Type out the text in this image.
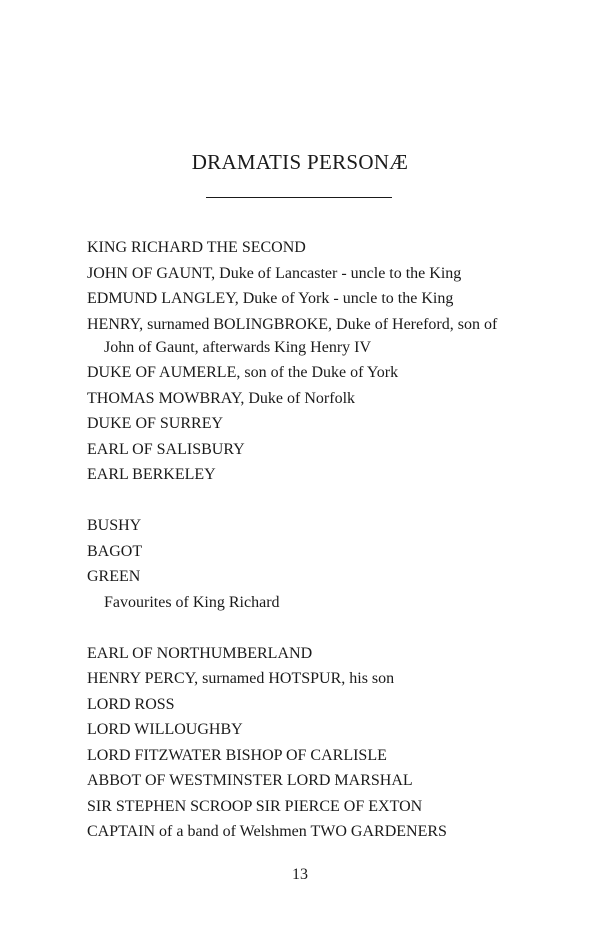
DRAMATIS PERSONÆ

KING RICHARD THE SECOND

JOHN OF GAUNT, Duke of Lancaster - uncle to the King

EDMUND LANGLEY, Duke of York - uncle to the King

HENRY, surnamed BOLINGBROKE, Duke of Hereford, son of John of Gaunt, afterwards King Henry IV

DUKE OF AUMERLE, son of the Duke of York

THOMAS MOWBRAY, Duke of Norfolk

DUKE OF SURREY

EARL OF SALISBURY

EARL BERKELEY

BUSHY

BAGOT

GREEN

Favourites of King Richard

EARL OF NORTHUMBERLAND

HENRY PERCY, surnamed HOTSPUR, his son

LORD ROSS

LORD WILLOUGHBY

LORD FITZWATER BISHOP OF CARLISLE

ABBOT OF WESTMINSTER LORD MARSHAL

SIR STEPHEN SCROOP SIR PIERCE OF EXTON

CAPTAIN of a band of Welshmen TWO GARDENERS

13
